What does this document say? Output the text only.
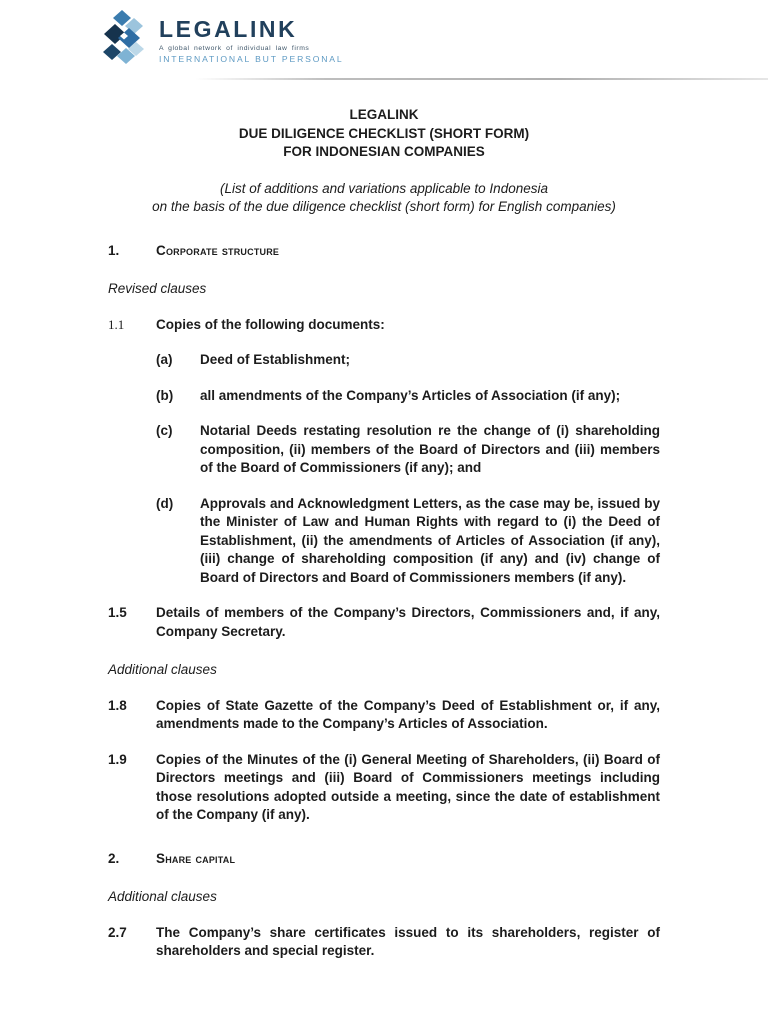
LEGALINK
A global network of individual law firms
INTERNATIONAL BUT PERSONAL
LEGALINK
DUE DILIGENCE CHECKLIST (SHORT FORM)
FOR INDONESIAN COMPANIES
(List of additions and variations applicable to Indonesia
on the basis of the due diligence checklist (short form) for English companies)
1.	Corporate structure

Revised clauses

1.1	Copies of the following documents:
(a)	Deed of Establishment;
(b)	all amendments of the Company’s Articles of Association (if any);
(c)	Notarial Deeds restating resolution re the change of (i) shareholding composition, (ii) members of the Board of Directors and (iii) members of the Board of Commissioners (if any); and
(d)	Approvals and Acknowledgment Letters, as the case may be, issued by the Minister of Law and Human Rights with regard to (i) the Deed of Establishment, (ii) the amendments of Articles of Association (if any), (iii) change of shareholding composition (if any) and (iv) change of Board of Directors and Board of Commissioners members (if any).
1.5	Details of members of the Company’s Directors, Commissioners and, if any, Company Secretary.

Additional clauses

1.8	Copies of State Gazette of the Company’s Deed of Establishment or, if any, amendments made to the Company’s Articles of Association.
1.9	Copies of the Minutes of the (i) General Meeting of Shareholders, (ii) Board of Directors meetings and (iii) Board of Commissioners meetings including those resolutions adopted outside a meeting, since the date of establishment of the Company (if any).
2.	Share capital

Additional clauses

2.7	The Company’s share certificates issued to its shareholders, register of shareholders and special register.
